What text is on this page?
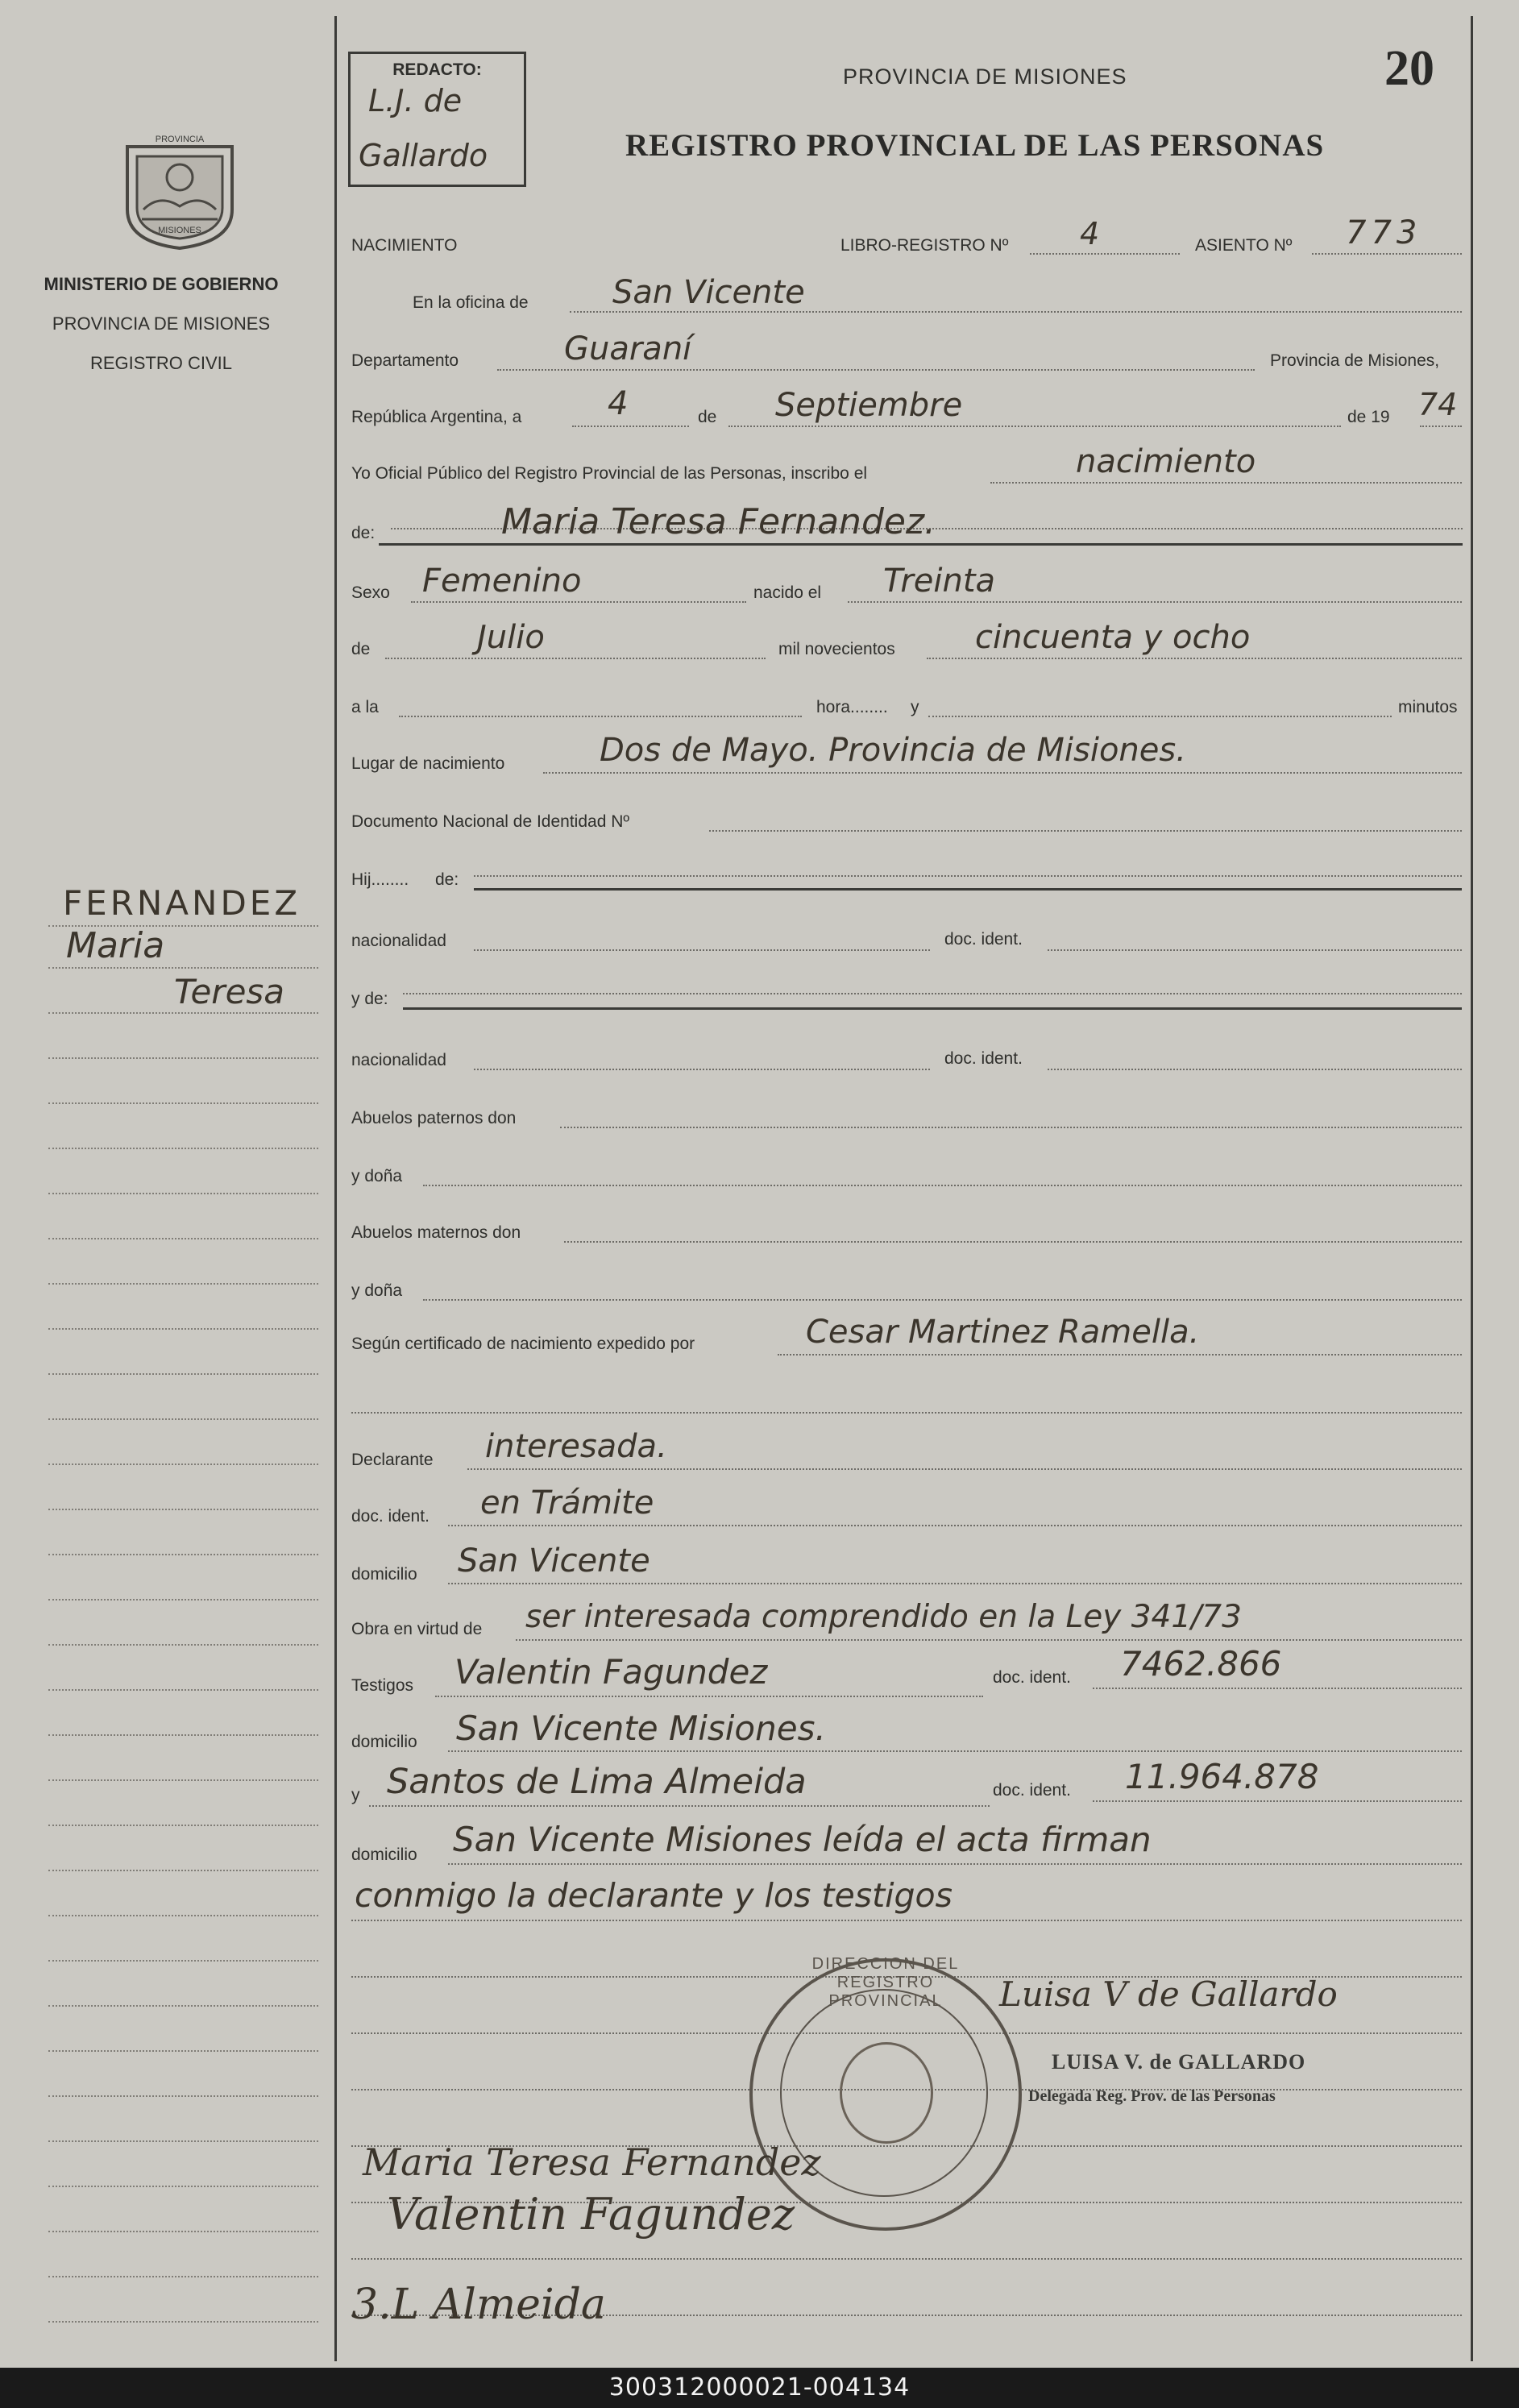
20
REDACTO:
L.J. de
Gallardo
PROVINCIA DE MISIONES
REGISTRO PROVINCIAL DE LAS PERSONAS
PROVINCIA
MISIONES
MINISTERIO DE GOBIERNO
PROVINCIA DE MISIONES
REGISTRO CIVIL
FERNANDEZ
Maria
Teresa
NACIMIENTO	LIBRO-REGISTRO Nº 4	ASIENTO Nº 773
En la oficina de	San Vicente
Departamento	Guaraní	Provincia de Misiones,
República Argentina, a	4	de Septiembre	de 19 74
Yo Oficial Público del Registro Provincial de las Personas, inscribo el	nacimiento
de:	Maria Teresa Fernandez.
Sexo Femenino	nacido el Treinta
de	Julio	mil novecientos cincuenta y ocho
a la	hora........ y	minutos
Lugar de nacimiento	Dos de Mayo. Provincia de Misiones.
Documento Nacional de Identidad Nº
Hij........ de:
nacionalidad	doc. ident.
y de:
nacionalidad	doc. ident.
Abuelos paternos don
y doña
Abuelos maternos don
y doña
Según certificado de nacimiento expedido por	Cesar Martinez Ramella.
Declarante interesada.
doc. ident. en Trámite
domicilio San Vicente
Obra en virtud de ser interesada comprendido en la Ley 341/73
Testigos Valentin Fagundez	doc. ident. 7462.866
domicilio San Vicente Misiones.
y Santos de Lima Almeida	doc. ident. 11.964.878
domicilio San Vicente Misiones leída el acta firman
conmigo la declarante y los testigos
DIRECCION DEL REGISTRO PROVINCIAL	Luisa V de Gallardo
LUISA V. de GALLARDO
Delegada Reg. Prov. de las Personas
Maria Teresa Fernandez
Valentin Fagundez
3.L Almeida
300312000021-004134
